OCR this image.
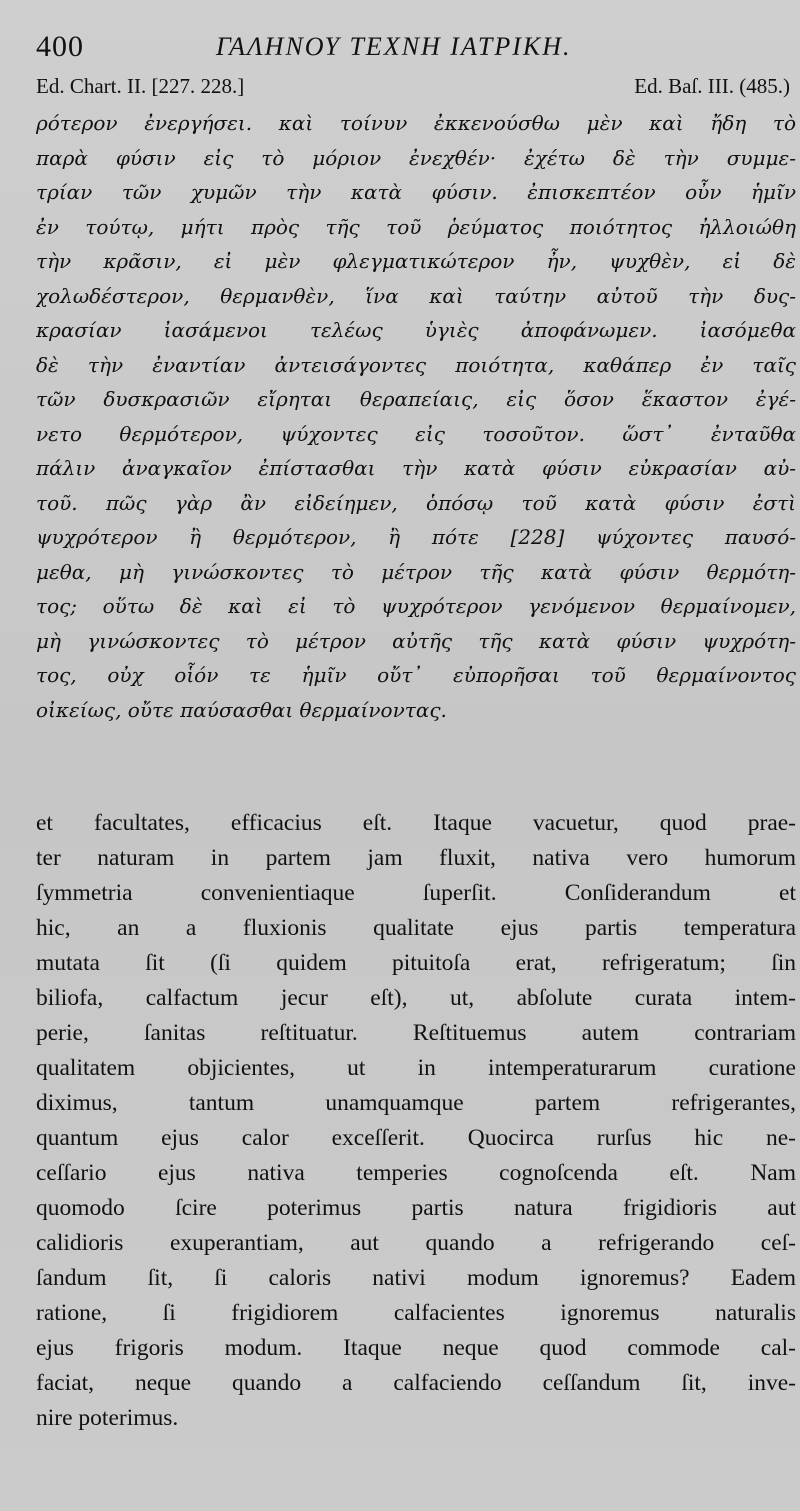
400	ΓΑΛΗΝΟΥ ΤΕΧΝΗ ΙΑΤΡΙΚΗ.
Ed. Chart. II. [227. 228.]	Ed. Baſ. III. (485.)
ρότερον ἐνεργήσει. καὶ τοίνυν ἐκκενούσθω μὲν καὶ ἤδη τὸ
παρὰ φύσιν εἰς τὸ μόριον ἐνεχθέν· ἐχέτω δὲ τὴν συμμε-
τρίαν τῶν χυμῶν τὴν κατὰ φύσιν. ἐπισκεπτέον οὖν ἡμῖν
ἐν τούτῳ, μήτι πρὸς τῆς τοῦ ῥεύματος ποιότητος ἠλλοιώθη
τὴν κρᾶσιν, εἰ μὲν φλεγματικώτερον ἦν, ψυχθὲν, εἰ δὲ
χολωδέστερον, θερμανθὲν, ἵνα καὶ ταύτην αὐτοῦ τὴν δυς-
κρασίαν ἰασάμενοι τελέως ὑγιὲς ἀποφάνωμεν. ἰασόμεθα
δὲ τὴν ἐναντίαν ἀντεισάγοντες ποιότητα, καθάπερ ἐν ταῖς
τῶν δυσκρασιῶν εἴρηται θεραπείαις, εἰς ὅσον ἕκαστον ἐγέ-
νετο θερμότερον, ψύχοντες εἰς τοσοῦτον. ὥστ᾽ ἐνταῦθα
πάλιν ἀναγκαῖον ἐπίστασθαι τὴν κατὰ φύσιν εὐκρασίαν αὐ-
τοῦ. πῶς γὰρ ἂν εἰδείημεν, ὁπόσῳ τοῦ κατὰ φύσιν ἐστὶ
ψυχρότερον ἢ θερμότερον, ἢ πότε [228] ψύχοντες παυσό-
μεθα, μὴ γινώσκοντες τὸ μέτρον τῆς κατὰ φύσιν θερμότη-
τος; οὕτω δὲ καὶ εἰ τὸ ψυχρότερον γενόμενον θερμαίνομεν,
μὴ γινώσκοντες τὸ μέτρον αὐτῆς τῆς κατὰ φύσιν ψυχρότη-
τος, οὐχ οἷόν τε ἡμῖν οὔτ᾽ εὐπορῆσαι τοῦ θερμαίνοντος
οἰκείως, οὔτε παύσασθαι θερμαίνοντας.
et facultates, efficacius eſt. Itaque vacuetur, quod prae-
ter naturam in partem jam fluxit, nativa vero humorum
ſymmetria convenientiaque ſuperſit. Conſiderandum et
hic, an a fluxionis qualitate ejus partis temperatura
mutata ſit (ſi quidem pituitoſa erat, refrigeratum; ſin
biliofa, calfactum jecur eſt), ut, abſolute curata intem-
perie, ſanitas reſtituatur. Reſtituemus autem contrariam
qualitatem objicientes, ut in intemperaturarum curatione
diximus, tantum unamquamque partem refrigerantes,
quantum ejus calor exceſſerit. Quocirca rurſus hic ne-
ceſſario ejus nativa temperies cognoſcenda eſt. Nam
quomodo ſcire poterimus partis natura frigidioris aut
calidioris exuperantiam, aut quando a refrigerando ceſ-
ſandum ſit, ſi caloris nativi modum ignoremus? Eadem
ratione, ſi frigidiorem calfacientes ignoremus naturalis
ejus frigoris modum. Itaque neque quod commode cal-
faciat, neque quando a calfaciendo ceſſandum ſit, inve-
nire poterimus.
